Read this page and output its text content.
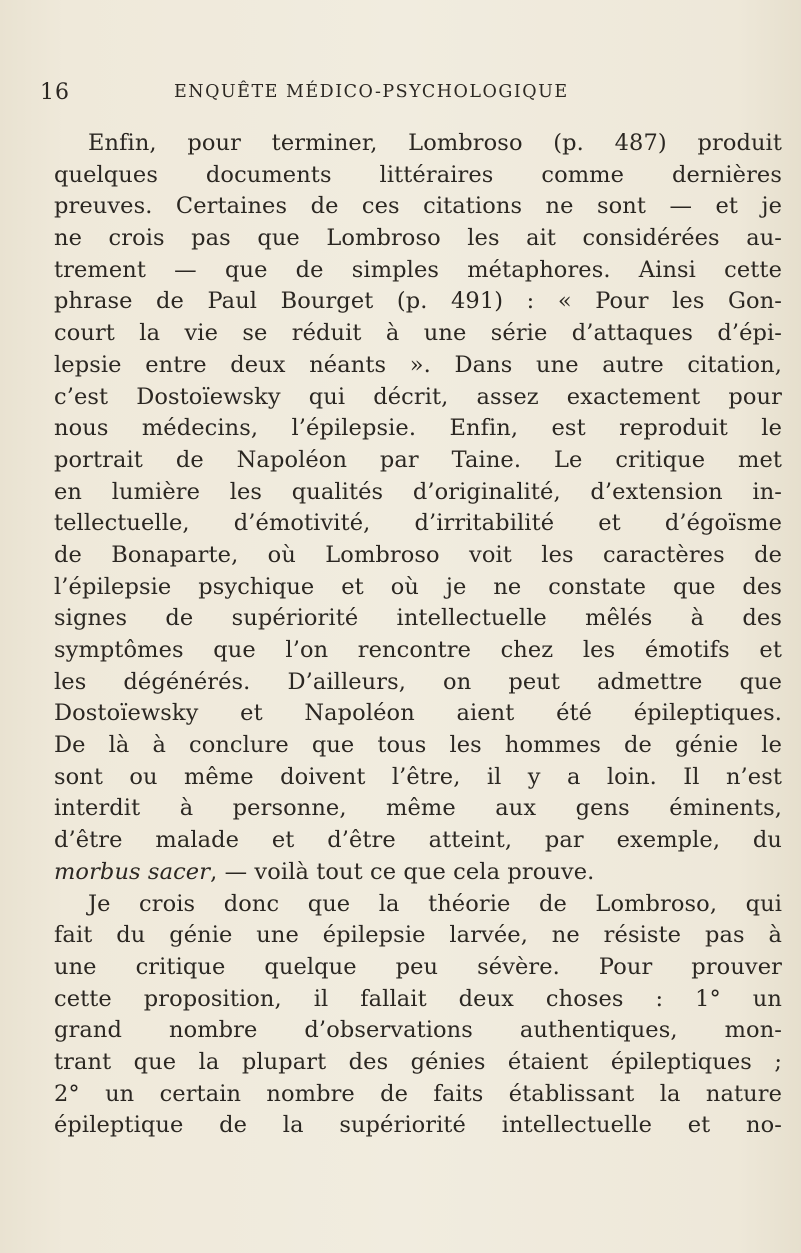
16	ENQUÊTE MÉDICO-PSYCHOLOGIQUE
Enfin, pour terminer, Lombroso (p. 487) produit
quelques documents littéraires comme dernières
preuves. Certaines de ces citations ne sont — et je
ne crois pas que Lombroso les ait considérées au-
trement — que de simples métaphores. Ainsi cette
phrase de Paul Bourget (p. 491) : « Pour les Gon-
court la vie se réduit à une série d’attaques d’épi-
lepsie entre deux néants ». Dans une autre citation,
c’est Dostoïewsky qui décrit, assez exactement pour
nous médecins, l’épilepsie. Enfin, est reproduit le
portrait de Napoléon par Taine. Le critique met
en lumière les qualités d’originalité, d’extension in-
tellectuelle, d’émotivité, d’irritabilité et d’égoïsme
de Bonaparte, où Lombroso voit les caractères de
l’épilepsie psychique et où je ne constate que des
signes de supériorité intellectuelle mêlés à des
symptômes que l’on rencontre chez les émotifs et
les dégénérés. D’ailleurs, on peut admettre que
Dostoïewsky et Napoléon aient été épileptiques.
De là à conclure que tous les hommes de génie le
sont ou même doivent l’être, il y a loin. Il n’est
interdit à personne, même aux gens éminents,
d’être malade et d’être atteint, par exemple, du
morbus sacer, — voilà tout ce que cela prouve.
Je crois donc que la théorie de Lombroso, qui
fait du génie une épilepsie larvée, ne résiste pas à
une critique quelque peu sévère. Pour prouver
cette proposition, il fallait deux choses : 1° un
grand nombre d’observations authentiques, mon-
trant que la plupart des génies étaient épileptiques ;
2° un certain nombre de faits établissant la nature
épileptique de la supériorité intellectuelle et no-
